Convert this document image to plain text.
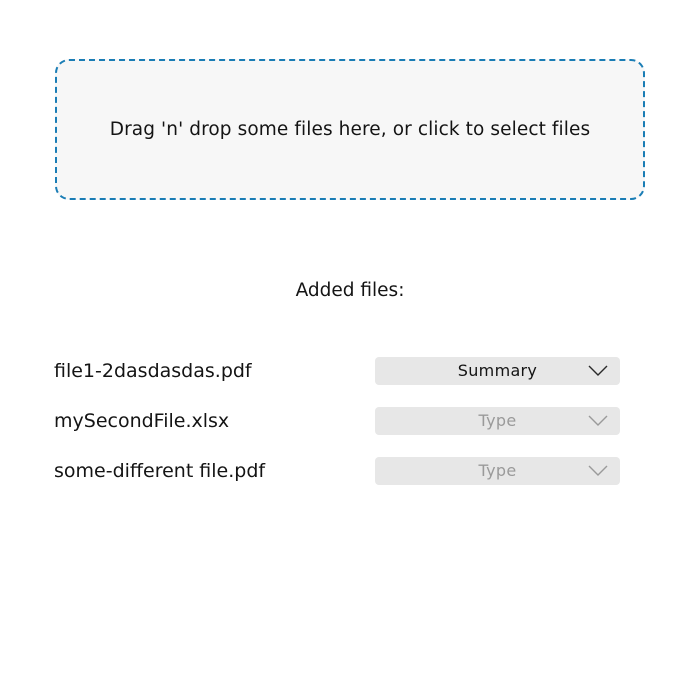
Drag 'n' drop some files here, or click to select files
Added files:
file1-2dasdasdas.pdf	Summary
mySecondFile.xlsx	Type
some-different file.pdf	Type
